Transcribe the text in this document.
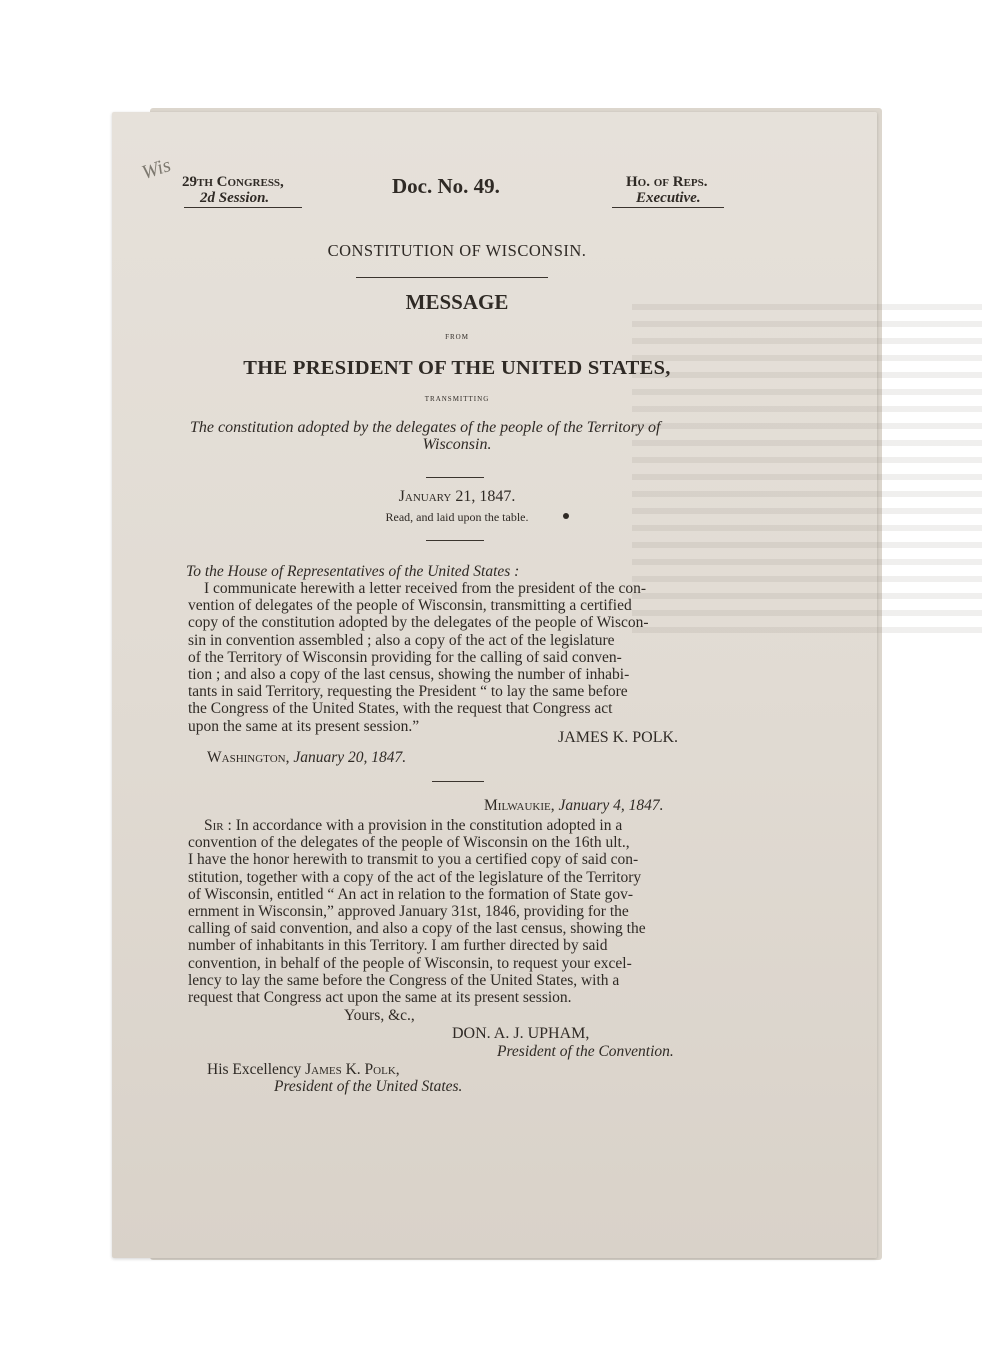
Wis 29th Congress,
2d Session.	Doc. No. 49.	Ho. of Reps.
Executive.
CONSTITUTION OF WISCONSIN.
MESSAGE
FROM
THE PRESIDENT OF THE UNITED STATES,
TRANSMITTING
The constitution adopted by the delegates of the people of the Territory of
Wisconsin.
January 21, 1847.
Read, and laid upon the table.
To the House of Representatives of the United States :
I communicate herewith a letter received from the president of the con-
vention of delegates of the people of Wisconsin, transmitting a certified
copy of the constitution adopted by the delegates of the people of Wiscon-
sin in convention assembled ; also a copy of the act of the legislature
of the Territory of Wisconsin providing for the calling of said conven-
tion ; and also a copy of the last census, showing the number of inhabi-
tants in said Territory, requesting the President “ to lay the same before
the Congress of the United States, with the request that Congress act
upon the same at its present session.”
JAMES K. POLK.
Washington, January 20, 1847.
Milwaukie, January 4, 1847.
Sir : In accordance with a provision in the constitution adopted in a
convention of the delegates of the people of Wisconsin on the 16th ult.,
I have the honor herewith to transmit to you a certified copy of said con-
stitution, together with a copy of the act of the legislature of the Territory
of Wisconsin, entitled “ An act in relation to the formation of State gov-
ernment in Wisconsin,” approved January 31st, 1846, providing for the
calling of said convention, and also a copy of the last census, showing the
number of inhabitants in this Territory. I am further directed by said
convention, in behalf of the people of Wisconsin, to request your excel-
lency to lay the same before the Congress of the United States, with a
request that Congress act upon the same at its present session.
Yours, &c.,
DON. A. J. UPHAM,
President of the Convention.
His Excellency James K. Polk,
President of the United States.
